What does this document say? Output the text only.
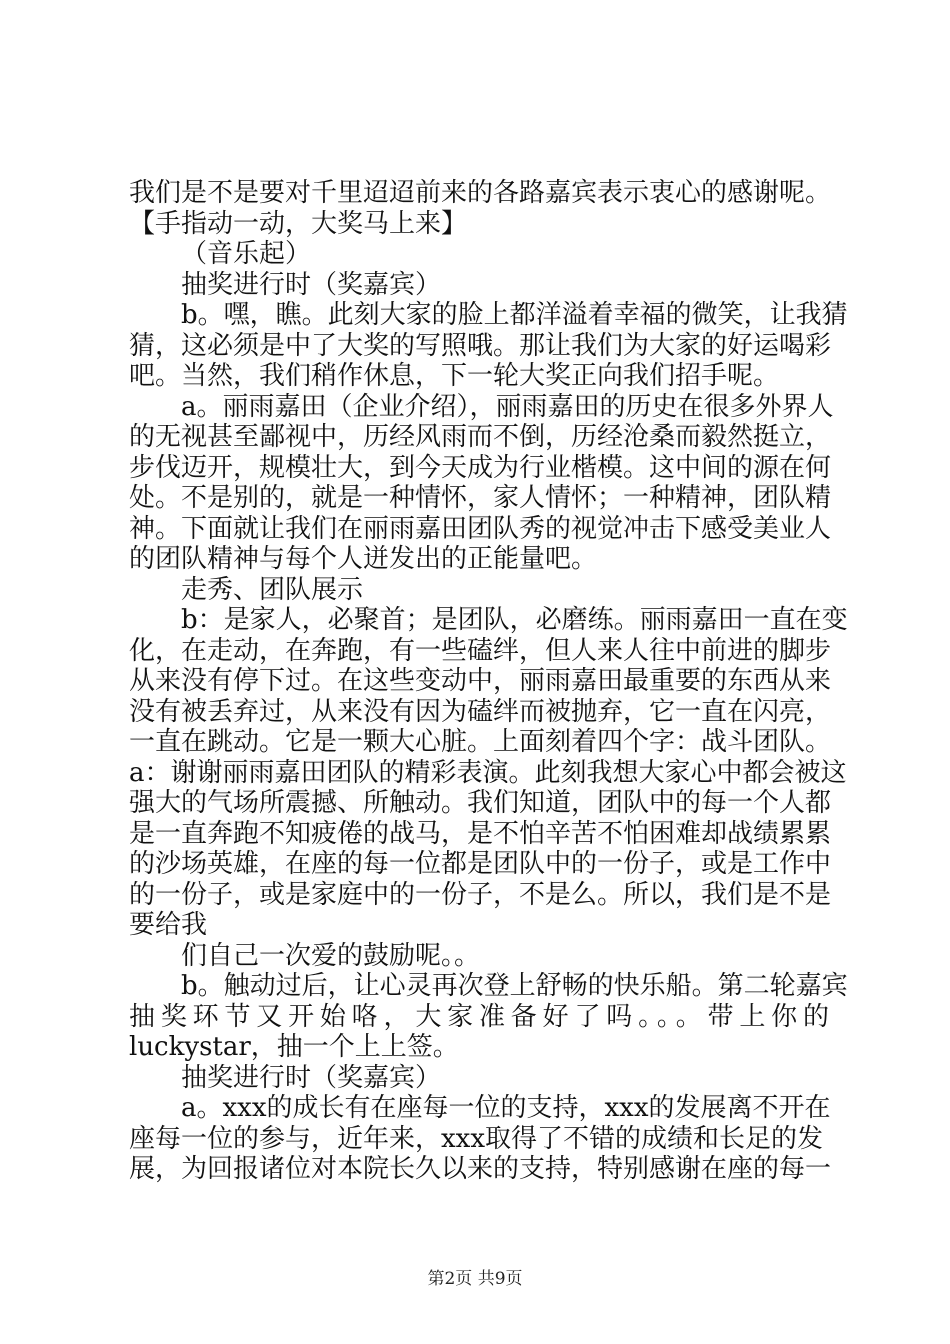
我们是不是要对千里迢迢前来的各路嘉宾表示衷心的感谢呢。
【手指动一动，大奖马上来】
（音乐起）
抽奖进行时（奖嘉宾）
b。嘿，瞧。此刻大家的脸上都洋溢着幸福的微笑，让我猜
猜，这必须是中了大奖的写照哦。那让我们为大家的好运喝彩
吧。当然，我们稍作休息，下一轮大奖正向我们招手呢。
a。丽雨嘉田（企业介绍），丽雨嘉田的历史在很多外界人
的无视甚至鄙视中，历经风雨而不倒，历经沧桑而毅然挺立，
步伐迈开，规模壮大，到今天成为行业楷模。这中间的源在何
处。不是别的，就是一种情怀，家人情怀；一种精神，团队精
神。下面就让我们在丽雨嘉田团队秀的视觉冲击下感受美业人
的团队精神与每个人迸发出的正能量吧。
走秀、团队展示
b：是家人，必聚首；是团队，必磨练。丽雨嘉田一直在变
化，在走动，在奔跑，有一些磕绊，但人来人往中前进的脚步
从来没有停下过。在这些变动中，丽雨嘉田最重要的东西从来
没有被丢弃过，从来没有因为磕绊而被抛弃，它一直在闪亮，
一直在跳动。它是一颗大心脏。上面刻着四个字：战斗团队。
a：谢谢丽雨嘉田团队的精彩表演。此刻我想大家心中都会被这
强大的气场所震撼、所触动。我们知道，团队中的每一个人都
是一直奔跑不知疲倦的战马，是不怕辛苦不怕困难却战绩累累
的沙场英雄，在座的每一位都是团队中的一份子，或是工作中
的一份子，或是家庭中的一份子，不是么。所以，我们是不是
要给我
们自己一次爱的鼓励呢。。
b。触动过后，让心灵再次登上舒畅的快乐船。第二轮嘉宾
抽奖环节又开始咯，大家准备好了吗。。。带上你的
luckystar，抽一个上上签。
抽奖进行时（奖嘉宾）
a。xxx的成长有在座每一位的支持，xxx的发展离不开在
座每一位的参与，近年来，xxx取得了不错的成绩和长足的发
展，为回报诸位对本院长久以来的支持，特别感谢在座的每一
第2页 共9页
